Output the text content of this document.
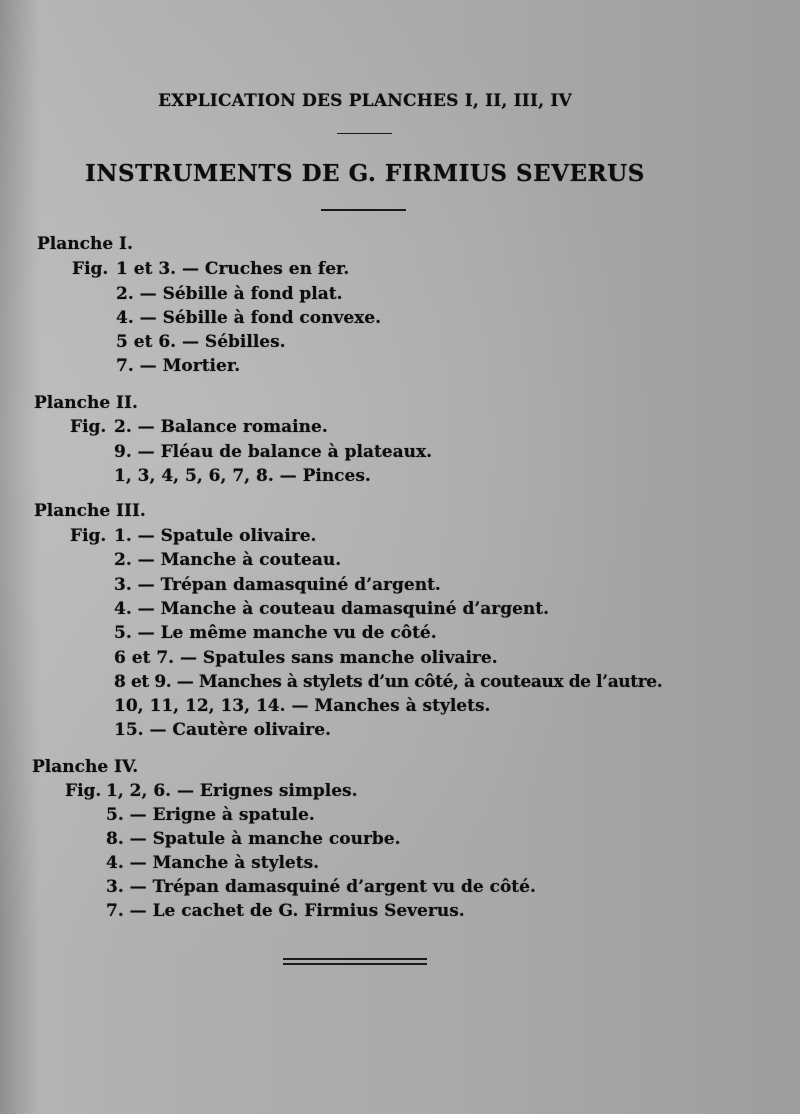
EXPLICATION DES PLANCHES I, II, III, IV
INSTRUMENTS DE G. FIRMIUS SEVERUS
Planche I.
Fig. 1 et 3. — Cruches en fer.
2. — Sébille à fond plat.
4. — Sébille à fond convexe.
5 et 6. — Sébilles.
7. — Mortier.
Planche II.
Fig. 2. — Balance romaine.
9. — Fléau de balance à plateaux.
1, 3, 4, 5, 6, 7, 8. — Pinces.
Planche III.
Fig. 1. — Spatule olivaire.
2. — Manche à couteau.
3. — Trépan damasquiné d’argent.
4. — Manche à couteau damasquiné d’argent.
5. — Le même manche vu de côté.
6 et 7. — Spatules sans manche olivaire.
8 et 9. — Manches à stylets d’un côté, à couteaux de l’autre.
10, 11, 12, 13, 14. — Manches à stylets.
15. — Cautère olivaire.
Planche IV.
Fig. 1, 2, 6. — Erignes simples.
5. — Erigne à spatule.
8. — Spatule à manche courbe.
4. — Manche à stylets.
3. — Trépan damasquiné d’argent vu de côté.
7. — Le cachet de G. Firmius Severus.
